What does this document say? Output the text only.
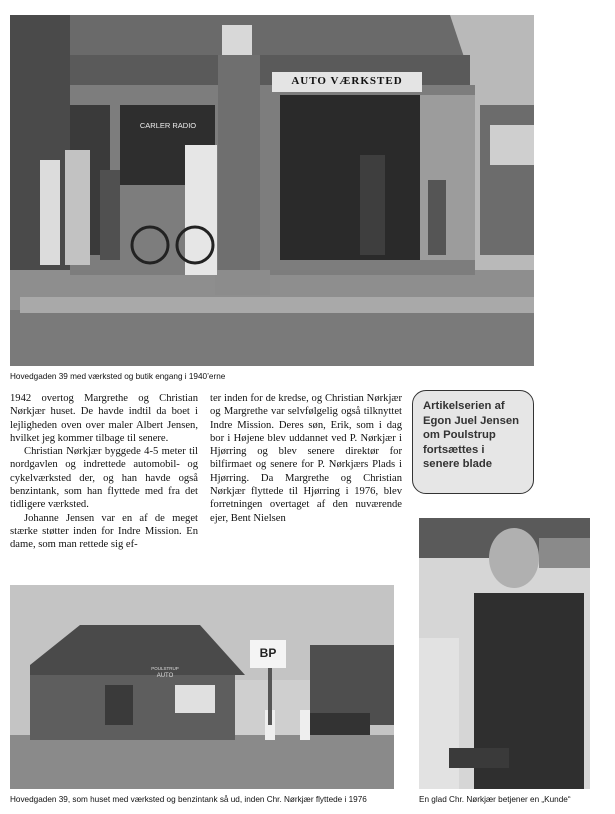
AUTO VÆRKSTED
CARLER RADIO
Hovedgaden 39 med værksted og butik engang i 1940’erne

1942 overtog Margrethe og Christian Nørkjær huset. De havde indtil da boet i lejligheden oven over maler Albert Jensen, hvilket jeg kommer tilbage til senere.

Christian Nørkjær byggede 4-5 meter til nordgavlen og indrettede automobil- og cykelværksted der, og han havde også benzintank, som han flyttede med fra det tidligere værksted.

Johanne Jensen var en af de meget stærke støtter inden for Indre Mission. En dame, som man rettede sig ef-

ter inden for de kredse, og Christian Nørkjær og Margrethe var selvfølgelig også tilknyttet Indre Mission. Deres søn, Erik, som i dag bor i Højene blev uddannet ved P. Nørkjær i Hjørring og blev senere direktør for bilfirmaet og senere for P. Nørkjærs Plads i Hjørring. Da Margrethe og Christian Nørkjær flyttede til Hjørring i 1976, blev forretningen overtaget af den nuværende ejer, Bent Nielsen

Artikelserien af Egon Juel Jensen om Poulstrup fortsættes i senere blade
BP
POULSTRUP
AUTO
Hovedgaden 39, som huset med værksted og benzintank så ud, inden Chr. Nørkjær flyttede i 1976	En glad Chr. Nørkjær betjener en „Kunde“
